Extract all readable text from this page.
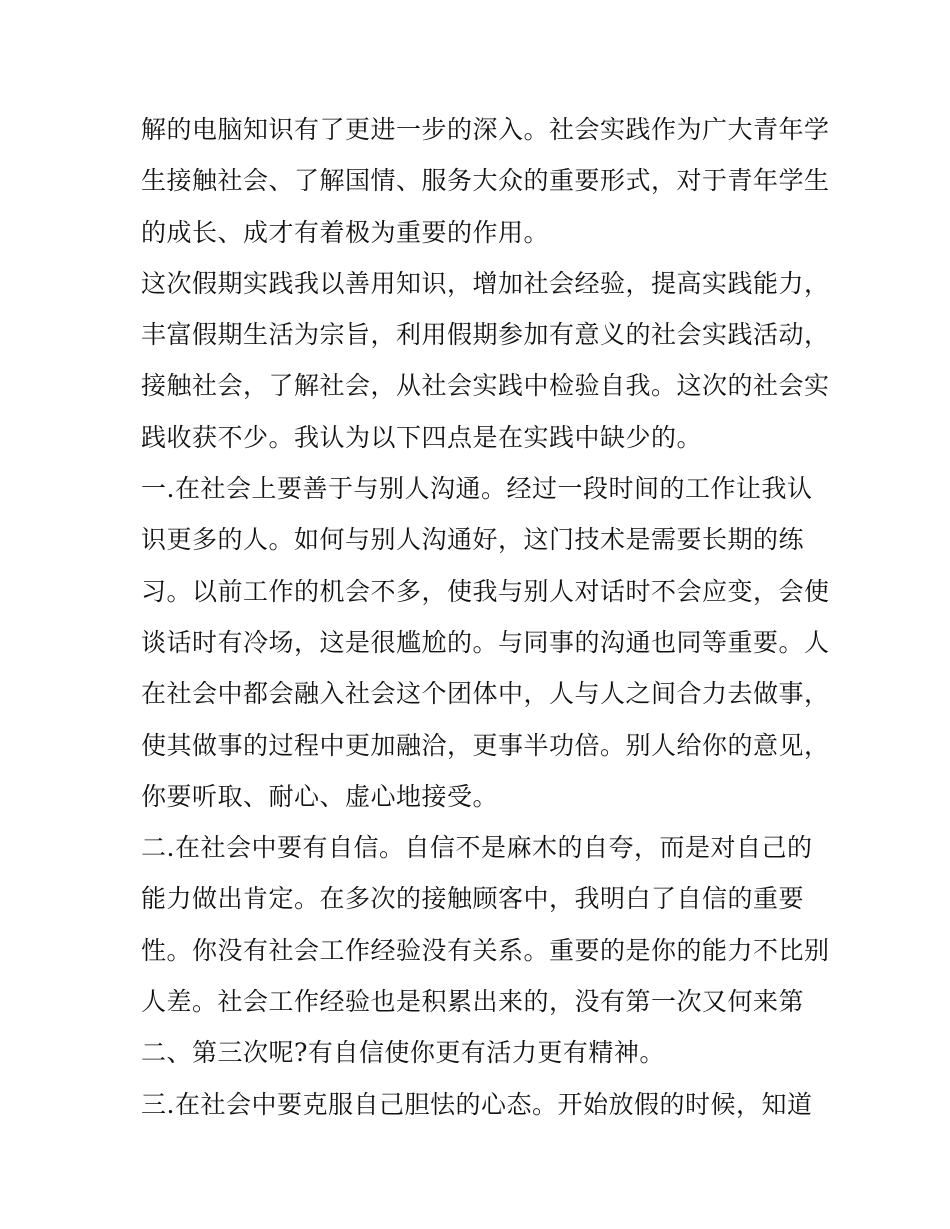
解的电脑知识有了更进一步的深入。社会实践作为广大青年学
生接触社会、了解国情、服务大众的重要形式，对于青年学生
的成长、成才有着极为重要的作用。
这次假期实践我以善用知识，增加社会经验，提高实践能力，
丰富假期生活为宗旨，利用假期参加有意义的社会实践活动，
接触社会，了解社会，从社会实践中检验自我。这次的社会实
践收获不少。我认为以下四点是在实践中缺少的。
一.在社会上要善于与别人沟通。经过一段时间的工作让我认
识更多的人。如何与别人沟通好，这门技术是需要长期的练
习。以前工作的机会不多，使我与别人对话时不会应变，会使
谈话时有冷场，这是很尴尬的。与同事的沟通也同等重要。人
在社会中都会融入社会这个团体中，人与人之间合力去做事，
使其做事的过程中更加融洽，更事半功倍。别人给你的意见，
你要听取、耐心、虚心地接受。
二.在社会中要有自信。自信不是麻木的自夸，而是对自己的
能力做出肯定。在多次的接触顾客中，我明白了自信的重要
性。你没有社会工作经验没有关系。重要的是你的能力不比别
人差。社会工作经验也是积累出来的，没有第一次又何来第
二、第三次呢?有自信使你更有活力更有精神。
三.在社会中要克服自己胆怯的心态。开始放假的时候，知道
